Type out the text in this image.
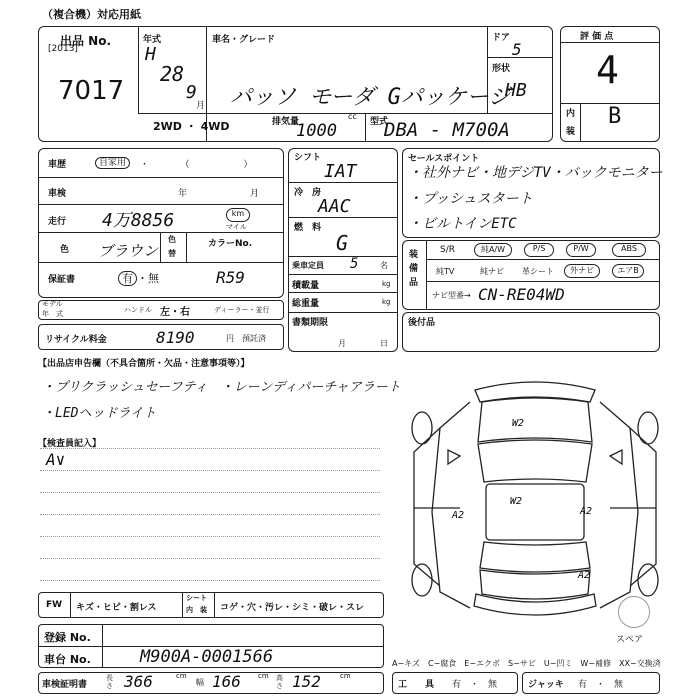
（複合機）対応用紙
出品 No.
[2013]
7017
年式
H
28
9
月
車名・グレード
パッソ モーダ Gパッケージ
ドア
5
形状
HB
2WD ・ 4WD	排気量
cc
1000	型式
DBA - M700A
評 価 点
4
内
装
B
車歴	自家用	・　　　　（　　　　　　）
車検	年	月
走行 4万8856	km
マイル
色 ブラウン
色
替
カラーNo.
保証書	有 ・無	R59
モデル
年　式	ハンドル 左・右	ディーラー・並行
リサイクル料金	8190	円　預託済
シフト
IAT
冷　房
AAC
燃　料
G
乗車定員 5	名
積載量	kg
総重量	kg
書類期限
月	日
セールスポイント
・社外ナビ・地デジTV・バックモニター
・プッシュスタート
・ビルトインETC
装備品
S/R	純A/W	P/S	P/W	ABS
純TV	純ナビ 革シート	外ナビ	エアB
ナビ型番→ CN-RE04WD
後付品
【出品店申告欄（不具合箇所・欠品・注意事項等）】
・プリクラッシュセーフティ　・レーンディパーチャアラート
・LEDヘッドライト
【検査員記入】
A∨
W2
W2
A2	A2
A2
スペア
FW キズ・ヒビ・割レス
シート
内　装 コゲ・穴・汚レ・シミ・破レ・スレ
登録 No.
車台 No.	M900A-0001566	A−キズ　C−腐食　E−エクボ　S−サビ　U−凹ミ　W−補修　XX−交換済
車検証明書
長さ 366	cm
幅 166 cm 高さ 152	cm
工　　具 有　・　無	ジャッキ 有　・　無
